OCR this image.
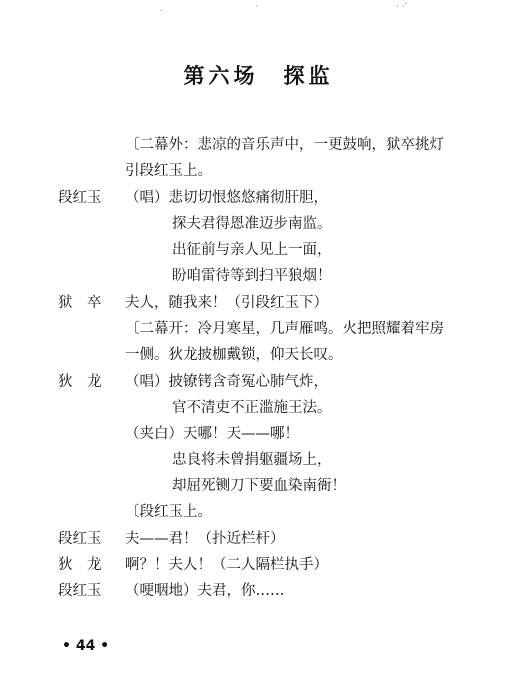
.	·	· ·'
第六场　探监
〔二幕外：悲凉的音乐声中，一更鼓响，狱卒挑灯
引段红玉上。
段红玉 （唱）悲切切恨悠悠痛彻肝胆，
探夫君得恩准迈步南监。
出征前与亲人见上一面，
盼咱雷待等到扫平狼烟！
狱　卒 夫人，随我来！（引段红玉下）
〔二幕开：冷月寒星，几声雁鸣。火把照耀着牢房
一侧。狄龙披枷戴锁，仰天长叹。
狄　龙 （唱）披镣铐含奇冤心肺气炸，
官不清吏不正滥施王法。
（夹白）天哪！天——哪！
忠良将未曾捐躯疆场上，
却屈死铡刀下要血染南衙！
〔段红玉上。
段红玉 夫——君！（扑近栏杆）
狄　龙 啊？！夫人！（二人隔栏执手）
段红玉 （哽咽地）夫君，你……
• 44 •
